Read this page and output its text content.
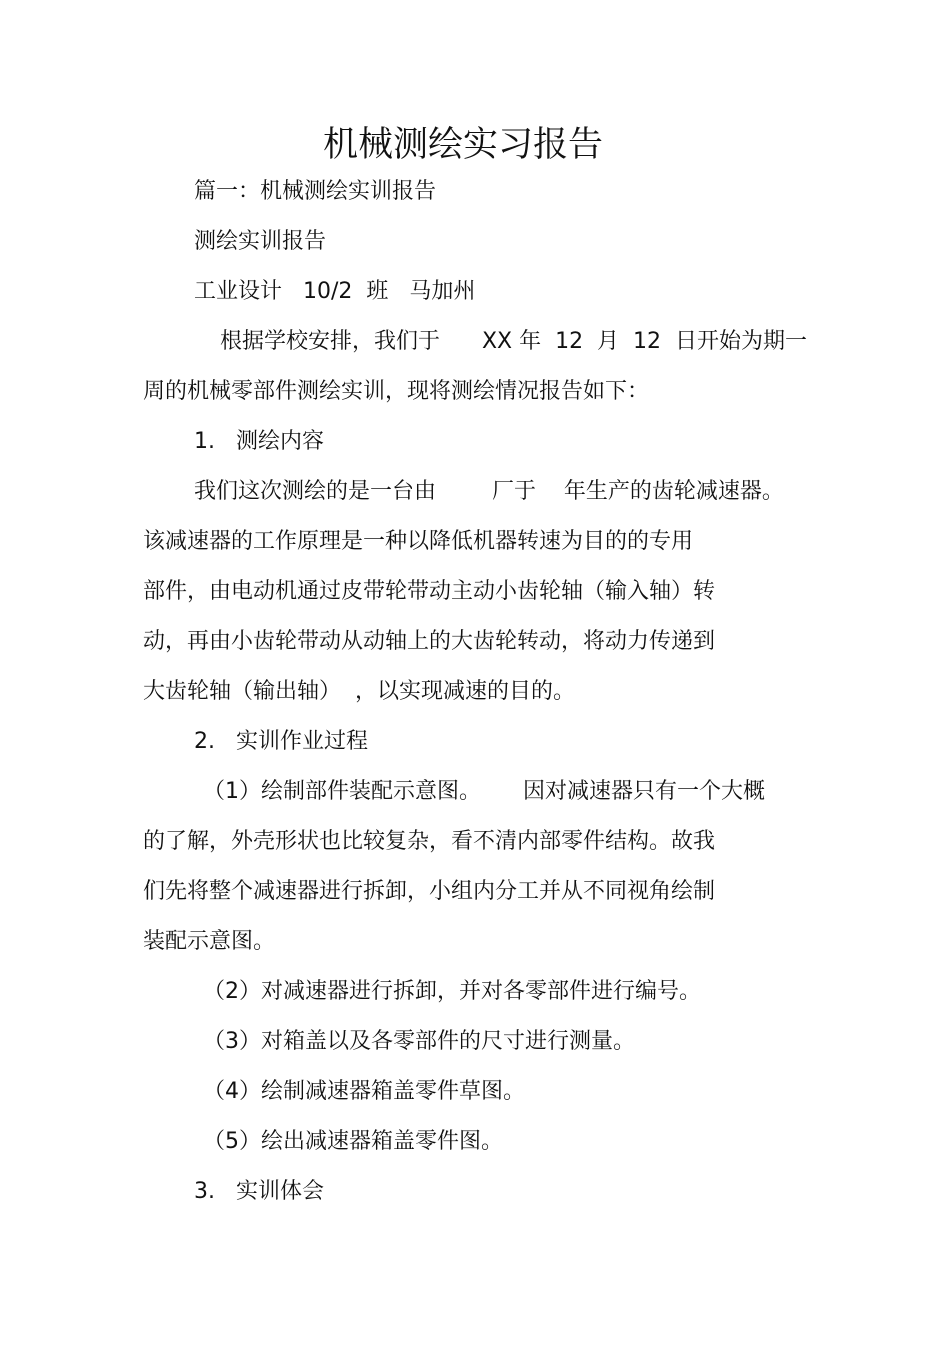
机械测绘实习报告
篇一：机械测绘实训报告
测绘实训报告
工业设计   10/2  班   马加州
根据学校安排，我们于      XX 年  12  月  12  日开始为期一
周的机械零部件测绘实训，现将测绘情况报告如下：
1.   测绘内容
我们这次测绘的是一台由        厂于    年生产的齿轮减速器。
该减速器的工作原理是一种以降低机器转速为目的的专用
部件，由电动机通过皮带轮带动主动小齿轮轴（输入轴）转
动，再由小齿轮带动从动轴上的大齿轮转动，将动力传递到
大齿轮轴（输出轴）  ，以实现减速的目的。
2.   实训作业过程
（1）绘制部件装配示意图。      因对减速器只有一个大概
的了解，外壳形状也比较复杂，看不清内部零件结构。故我
们先将整个减速器进行拆卸，小组内分工并从不同视角绘制
装配示意图。
（2）对减速器进行拆卸，并对各零部件进行编号。
（3）对箱盖以及各零部件的尺寸进行测量。
（4）绘制减速器箱盖零件草图。
（5）绘出减速器箱盖零件图。
3.   实训体会
